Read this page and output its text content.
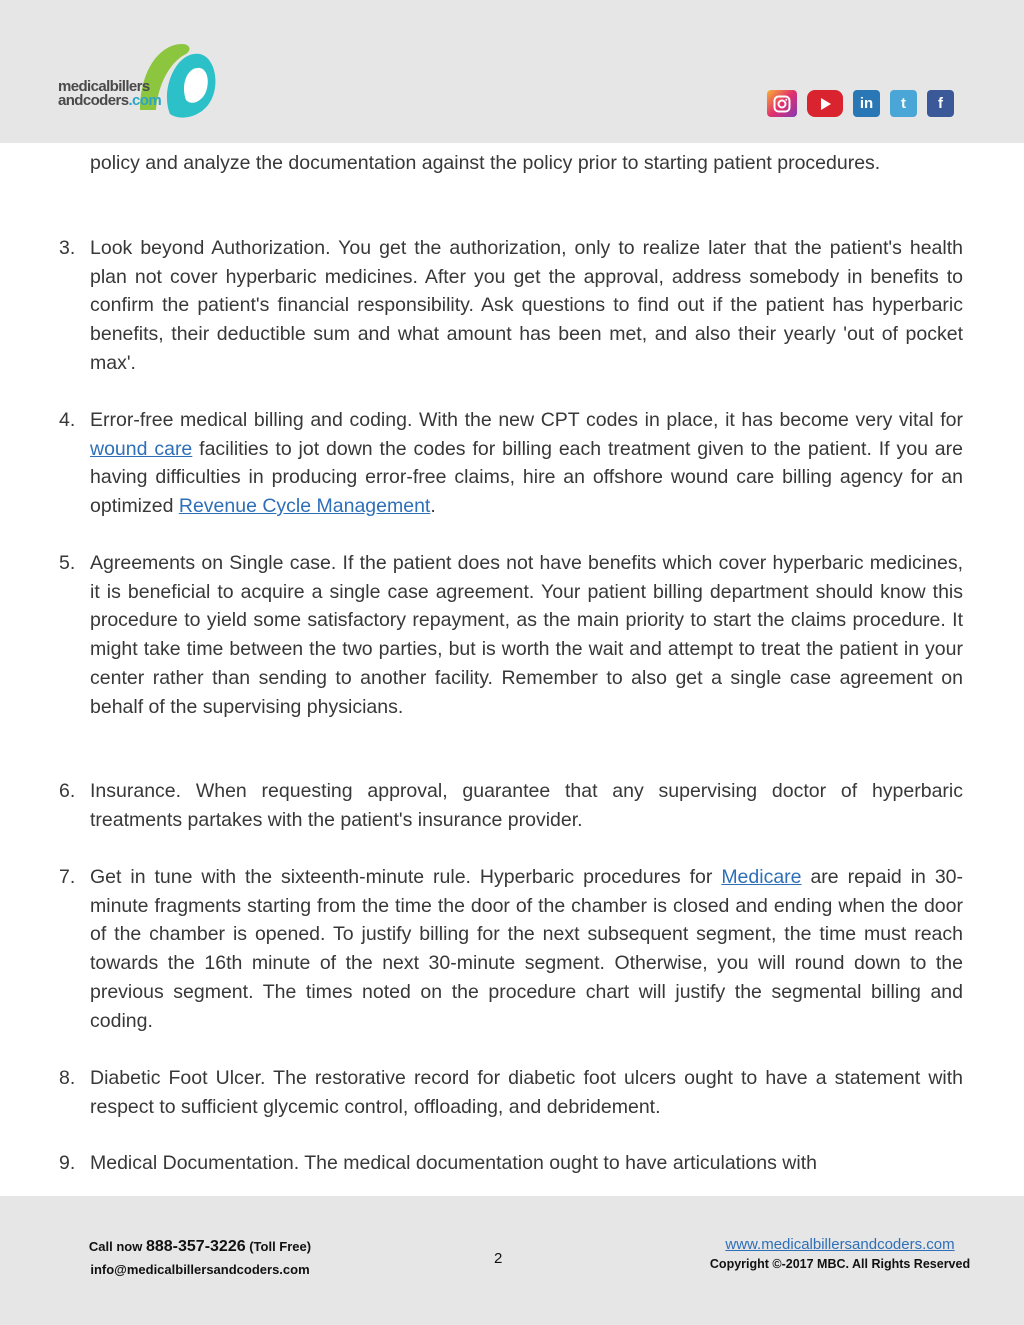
medicalbillers
andcoders.com	in	t	f
policy and analyze the documentation against the policy prior to starting patient procedures.
3. Look beyond Authorization. You get the authorization, only to realize later that the patient's health plan not cover hyperbaric medicines. After you get the approval, address somebody in benefits to confirm the patient's financial responsibility. Ask questions to find out if the patient has hyperbaric benefits, their deductible sum and what amount has been met, and also their yearly 'out of pocket max'.
4. Error-free medical billing and coding. With the new CPT codes in place, it has become very vital for wound care facilities to jot down the codes for billing each treatment given to the patient. If you are having difficulties in producing error-free claims, hire an offshore wound care billing agency for an optimized Revenue Cycle Management.
5. Agreements on Single case. If the patient does not have benefits which cover hyperbaric medicines, it is beneficial to acquire a single case agreement. Your patient billing department should know this procedure to yield some satisfactory repayment, as the main priority to start the claims procedure. It might take time between the two parties, but is worth the wait and attempt to treat the patient in your center rather than sending to another facility. Remember to also get a single case agreement on behalf of the supervising physicians.
6. Insurance. When requesting approval, guarantee that any supervising doctor of hyperbaric treatments partakes with the patient's insurance provider.
7. Get in tune with the sixteenth-minute rule. Hyperbaric procedures for Medicare are repaid in 30-minute fragments starting from the time the door of the chamber is closed and ending when the door of the chamber is opened. To justify billing for the next subsequent segment, the time must reach towards the 16th minute of the next 30-minute segment. Otherwise, you will round down to the previous segment. The times noted on the procedure chart will justify the segmental billing and coding.
8. Diabetic Foot Ulcer. The restorative record for diabetic foot ulcers ought to have a statement with respect to sufficient glycemic control, offloading, and debridement.
9. Medical Documentation. The medical documentation ought to have articulations with
Call now 888-357-3226 (Toll Free)
info@medicalbillersandcoders.com
2
www.medicalbillersandcoders.com
Copyright ©-2017 MBC. All Rights Reserved
